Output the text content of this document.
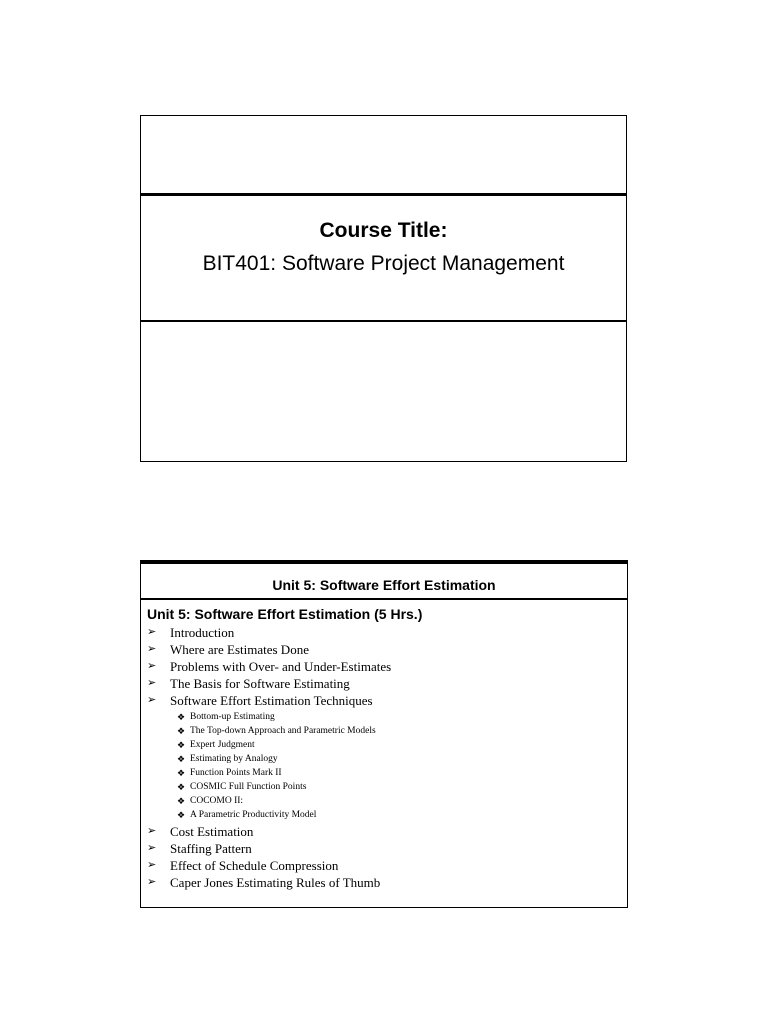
Course Title:
BIT401: Software Project Management
Unit 5: Software Effort Estimation
Unit 5: Software Effort Estimation (5 Hrs.)
➢	Introduction
➢	Where are Estimates Done
➢	Problems with Over- and Under-Estimates
➢	The Basis for Software Estimating
➢	Software Effort Estimation Techniques
❖ Bottom-up Estimating
❖ The Top-down Approach and Parametric Models
❖ Expert Judgment
❖ Estimating by Analogy
❖ Function Points Mark II
❖ COSMIC Full Function Points
❖ COCOMO II:
❖ A Parametric Productivity Model
➢	Cost Estimation
➢	Staffing Pattern
➢	Effect of Schedule Compression
➢	Caper Jones Estimating Rules of Thumb
